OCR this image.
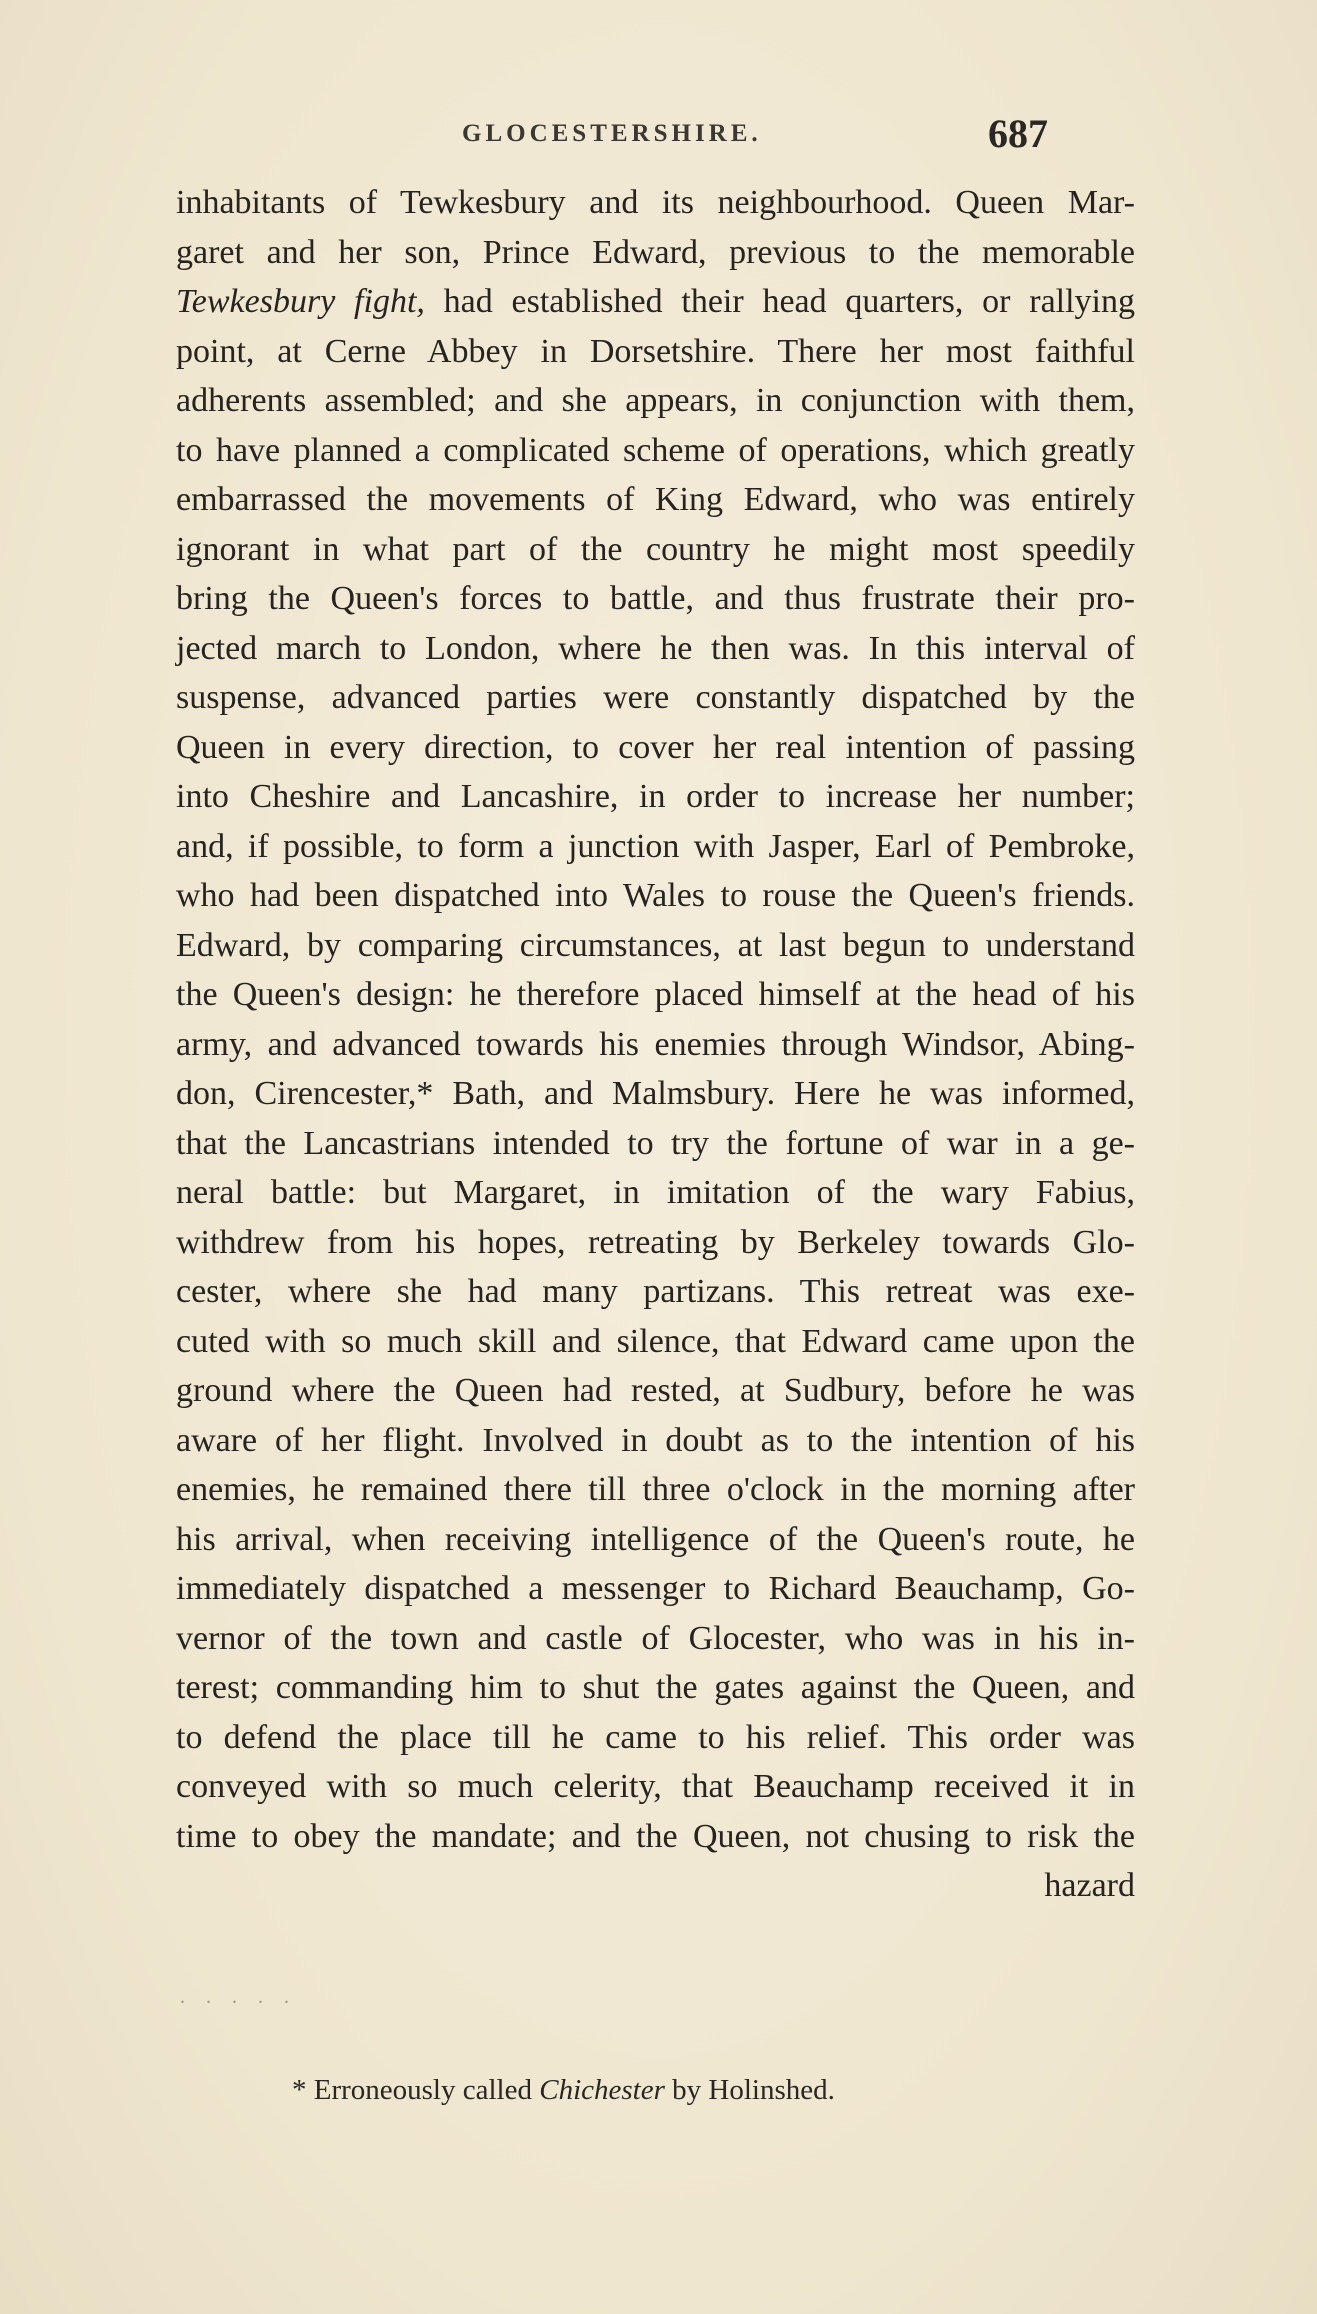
GLOCESTERSHIRE.	687
inhabitants of Tewkesbury and its neighbourhood. Queen Mar-
garet and her son, Prince Edward, previous to the memorable
Tewkesbury fight, had established their head quarters, or rallying
point, at Cerne Abbey in Dorsetshire. There her most faithful
adherents assembled; and she appears, in conjunction with them,
to have planned a complicated scheme of operations, which greatly
embarrassed the movements of King Edward, who was entirely
ignorant in what part of the country he might most speedily
bring the Queen's forces to battle, and thus frustrate their pro-
jected march to London, where he then was. In this interval of
suspense, advanced parties were constantly dispatched by the
Queen in every direction, to cover her real intention of passing
into Cheshire and Lancashire, in order to increase her number;
and, if possible, to form a junction with Jasper, Earl of Pembroke,
who had been dispatched into Wales to rouse the Queen's friends.
Edward, by comparing circumstances, at last begun to understand
the Queen's design: he therefore placed himself at the head of his
army, and advanced towards his enemies through Windsor, Abing-
don, Cirencester,* Bath, and Malmsbury. Here he was informed,
that the Lancastrians intended to try the fortune of war in a ge-
neral battle: but Margaret, in imitation of the wary Fabius,
withdrew from his hopes, retreating by Berkeley towards Glo-
cester, where she had many partizans. This retreat was exe-
cuted with so much skill and silence, that Edward came upon the
ground where the Queen had rested, at Sudbury, before he was
aware of her flight. Involved in doubt as to the intention of his
enemies, he remained there till three o'clock in the morning after
his arrival, when receiving intelligence of the Queen's route, he
immediately dispatched a messenger to Richard Beauchamp, Go-
vernor of the town and castle of Glocester, who was in his in-
terest; commanding him to shut the gates against the Queen, and
to defend the place till he came to his relief. This order was
conveyed with so much celerity, that Beauchamp received it in
time to obey the mandate; and the Queen, not chusing to risk the
hazard
. . . . .
* Erroneously called Chichester by Holinshed.
